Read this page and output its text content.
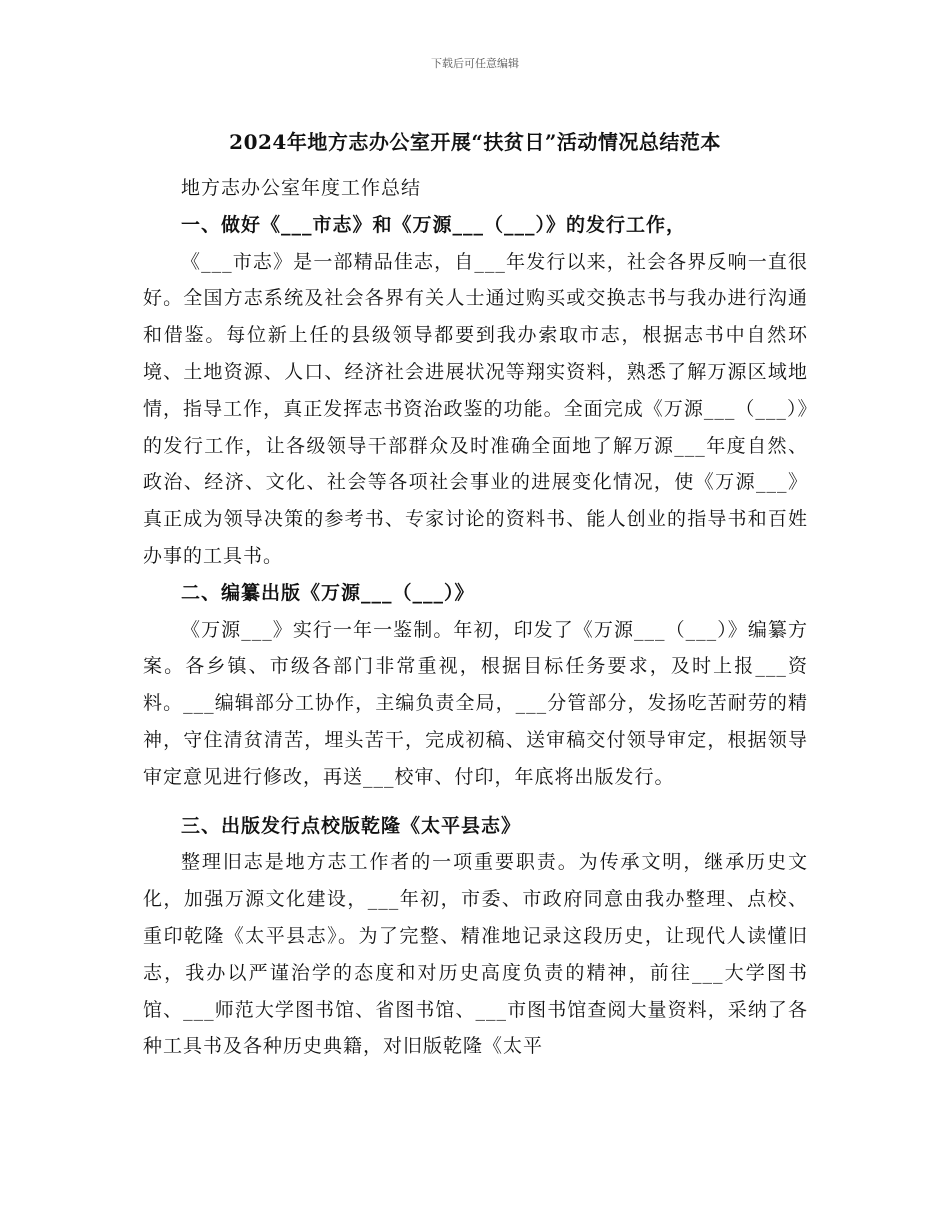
下载后可任意编辑
2024年地方志办公室开展“扶贫日”活动情况总结范本

地方志办公室年度工作总结

一、做好《___市志》和《万源___（___）》的发行工作，

《___市志》是一部精品佳志，自___年发行以来，社会各界反响一直很好。全国方志系统及社会各界有关人士通过购买或交换志书与我办进行沟通和借鉴。每位新上任的县级领导都要到我办索取市志，根据志书中自然环境、土地资源、人口、经济社会进展状况等翔实资料，熟悉了解万源区域地情，指导工作，真正发挥志书资治政鉴的功能。全面完成《万源___（___）》的发行工作，让各级领导干部群众及时准确全面地了解万源___年度自然、政治、经济、文化、社会等各项社会事业的进展变化情况，使《万源___》真正成为领导决策的参考书、专家讨论的资料书、能人创业的指导书和百姓办事的工具书。

二、编纂出版《万源___（___）》

《万源___》实行一年一鉴制。年初，印发了《万源___（___）》编纂方案。各乡镇、市级各部门非常重视，根据目标任务要求，及时上报___资料。___编辑部分工协作，主编负责全局，___分管部分，发扬吃苦耐劳的精神，守住清贫清苦，埋头苦干，完成初稿、送审稿交付领导审定，根据领导审定意见进行修改，再送___校审、付印，年底将出版发行。

三、出版发行点校版乾隆《太平县志》

整理旧志是地方志工作者的一项重要职责。为传承文明，继承历史文化，加强万源文化建设，___年初，市委、市政府同意由我办整理、点校、重印乾隆《太平县志》。为了完整、精准地记录这段历史，让现代人读懂旧志，我办以严谨治学的态度和对历史高度负责的精神，前往___大学图书馆、___师范大学图书馆、省图书馆、___市图书馆查阅大量资料，采纳了各种工具书及各种历史典籍，对旧版乾隆《太平
